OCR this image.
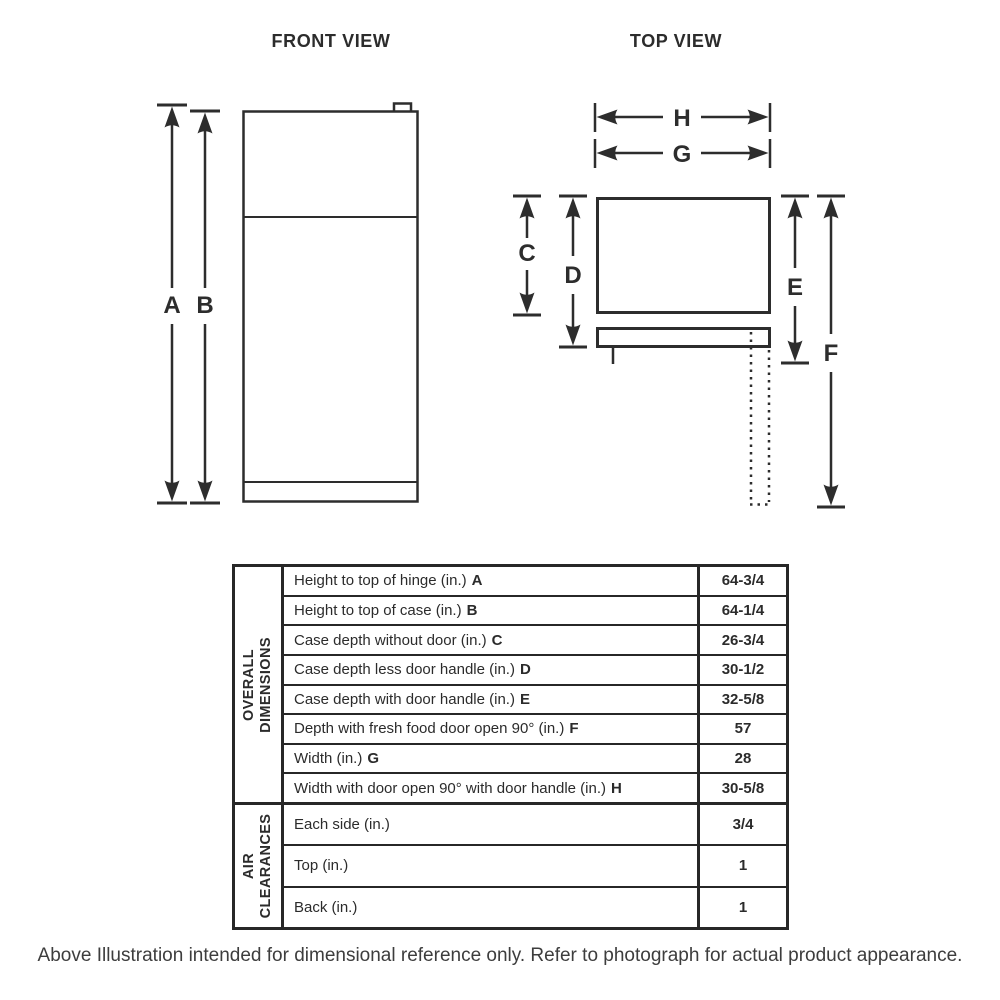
FRONT VIEW	TOP VIEW
A B
H
G
C
D	E
F
OVERALL DIMENSIONS
Height to top of hinge (in.) A	64-3/4
Height to top of case (in.) B	64-1/4
Case depth without door (in.) C	26-3/4
Case depth less door handle (in.) D	30-1/2
Case depth with door handle (in.) E	32-5/8
Depth with fresh food door open 90° (in.) F	57
Width (in.) G	28
Width with door open 90° with door handle (in.) H	30-5/8
AIR CLEARANCES Each side (in.)	3/4
Top (in.)	1
Back (in.)	1
Above Illustration intended for dimensional reference only. Refer to photograph for actual product appearance.
